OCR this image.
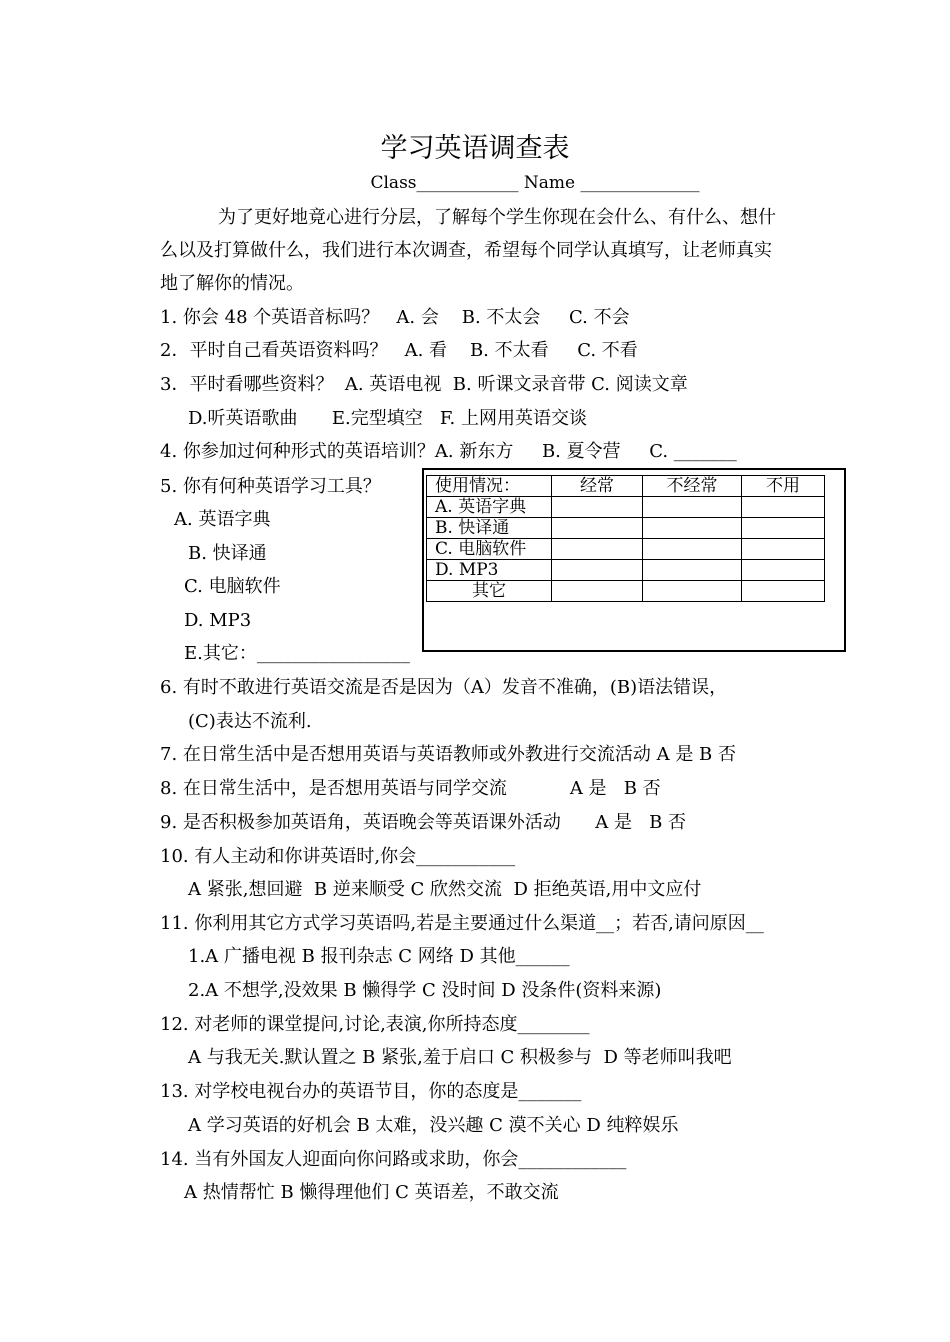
学习英语调查表
Class____________ Name ______________
为了更好地竟心进行分层，了解每个学生你现在会什么、有什么、想什
么以及打算做什么，我们进行本次调查，希望每个同学认真填写，让老师真实
地了解你的情况。
1. 你会 48 个英语音标吗？   A. 会    B. 不太会     C. 不会
2．平时自己看英语资料吗？   A. 看    B. 不太看     C. 不看
3．平时看哪些资料？  A. 英语电视  B. 听课文录音带 C. 阅读文章
D.听英语歌曲      E.完型填空   F. 上网用英语交谈
4. 你参加过何种形式的英语培训？A. 新东方     B. 夏令营     C. _______
5. 你有何种英语学习工具？
A. 英语字典
B. 快译通
C. 电脑软件
D. MP3
E.其它：_________________
使用情况：	经常	不经常	不用
A. 英语字典			
B. 快译通			
C. 电脑软件			
D. MP3			
其它			
6. 有时不敢进行英语交流是否是因为（A）发音不准确，(B)语法错误，
(C)表达不流利.
7. 在日常生活中是否想用英语与英语教师或外教进行交流活动 A 是 B 否
8. 在日常生活中，是否想用英语与同学交流           A 是   B 否
9. 是否积极参加英语角，英语晚会等英语课外活动      A 是   B 否
10. 有人主动和你讲英语时,你会___________
A 紧张,想回避  B 逆来顺受 C 欣然交流  D 拒绝英语,用中文应付
11. 你利用其它方式学习英语吗,若是主要通过什么渠道__；若否,请问原因__
1.A 广播电视 B 报刊杂志 C 网络 D 其他______
2.A 不想学,没效果 B 懒得学 C 没时间 D 没条件(资料来源)
12. 对老师的课堂提问,讨论,表演,你所持态度________
A 与我无关.默认置之 B 紧张,羞于启口 C 积极参与  D 等老师叫我吧
13. 对学校电视台办的英语节目，你的态度是_______
A 学习英语的好机会 B 太难，没兴趣 C 漠不关心 D 纯粹娱乐
14. 当有外国友人迎面向你问路或求助，你会____________
A 热情帮忙 B 懒得理他们 C 英语差，不敢交流
